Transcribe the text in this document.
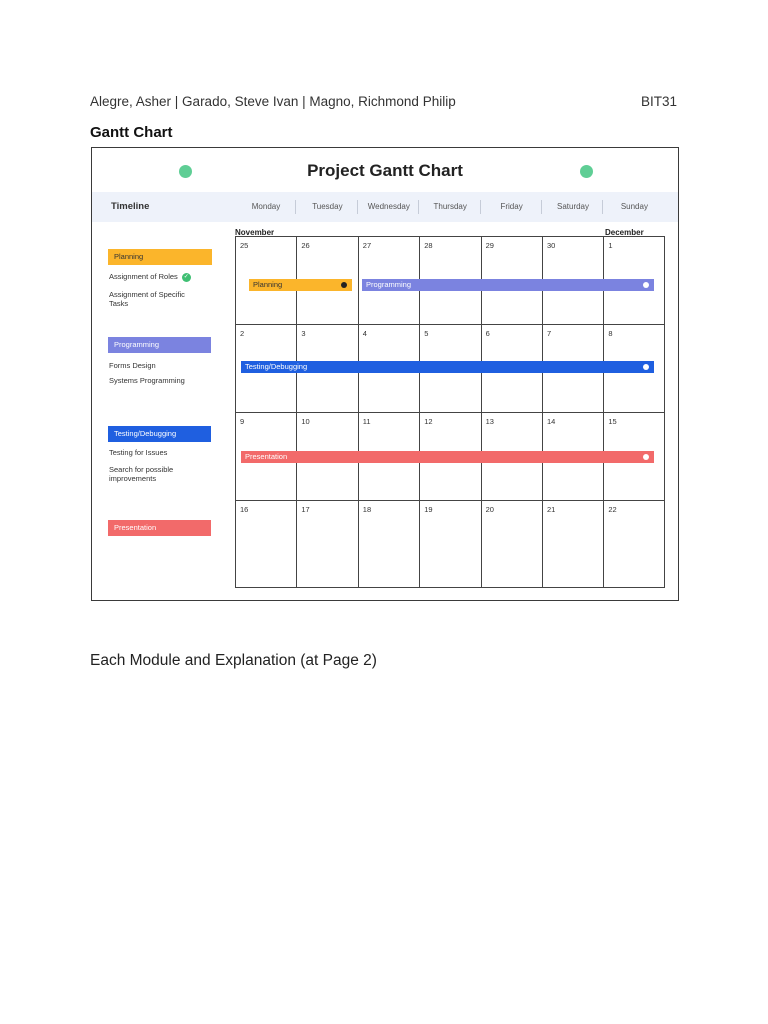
Alegre, Asher | Garado, Steve Ivan | Magno, Richmond Philip	BIT31
Gantt Chart
Project Gantt Chart
Timeline	Monday	Tuesday	Wednesday	Thursday	Friday	Saturday	Sunday
November	December
25	26	27	28	29	30	1
2	3	4	5	6	7	8
9	10	11	12	13	14	15
16	17	18	19	20	21	22
Planning
Assignment of Roles ✓
Assignment of Specific Tasks
Programming
Forms Design
Systems Programming
Testing/Debugging
Testing for Issues
Search for possible improvements
Presentation
Planning	Programming
Testing/Debugging
Presentation
Each Module and Explanation (at Page 2)
